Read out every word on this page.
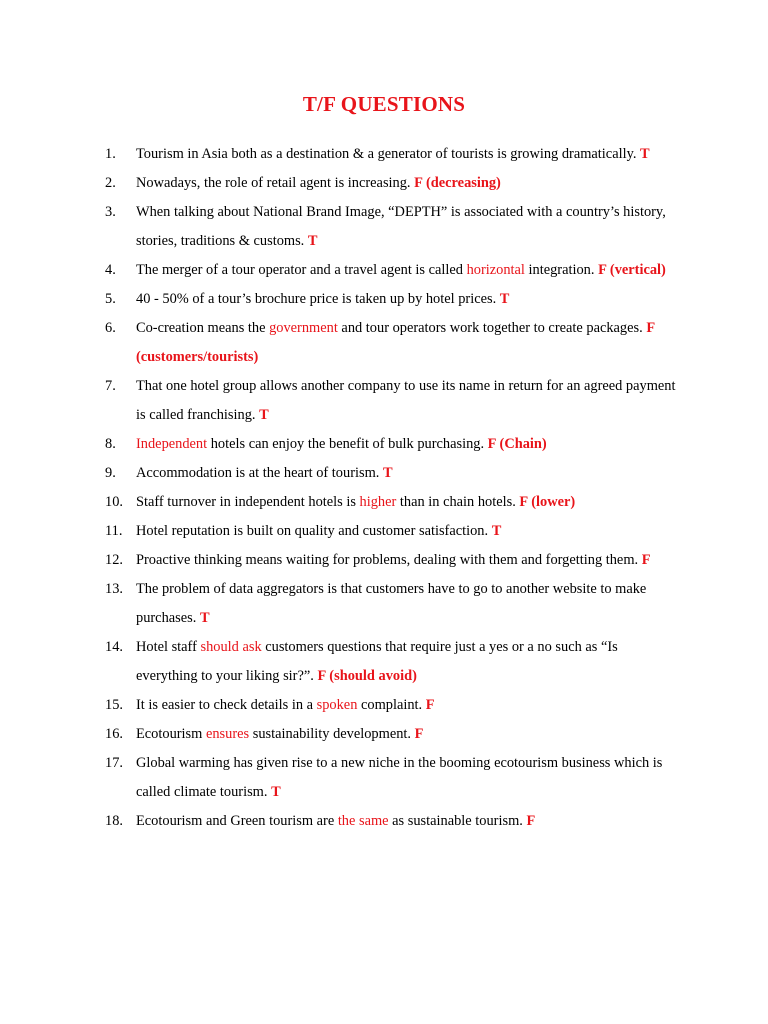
T/F QUESTIONS
1.	Tourism in Asia both as a destination & a generator of tourists is growing dramatically. T
2.	Nowadays, the role of retail agent is increasing. F (decreasing)
3.	When talking about National Brand Image, “DEPTH” is associated with a country’s history, stories, traditions & customs. T
4.	The merger of a tour operator and a travel agent is called horizontal integration. F (vertical)
5.	40 - 50% of a tour’s brochure price is taken up by hotel prices. T
6.	Co-creation means the government and tour operators work together to create packages. F (customers/tourists)
7.	That one hotel group allows another company to use its name in return for an agreed payment is called franchising. T
8.	Independent hotels can enjoy the benefit of bulk purchasing. F (Chain)
9.	Accommodation is at the heart of tourism. T
10. Staff turnover in independent hotels is higher than in chain hotels. F (lower)
11. Hotel reputation is built on quality and customer satisfaction. T
12. Proactive thinking means waiting for problems, dealing with them and forgetting them. F
13. The problem of data aggregators is that customers have to go to another website to make purchases. T
14. Hotel staff should ask customers questions that require just a yes or a no such as “Is everything to your liking sir?”. F (should avoid)
15. It is easier to check details in a spoken complaint. F
16. Ecotourism ensures sustainability development. F
17. Global warming has given rise to a new niche in the booming ecotourism business which is called climate tourism. T
18. Ecotourism and Green tourism are the same as sustainable tourism. F
